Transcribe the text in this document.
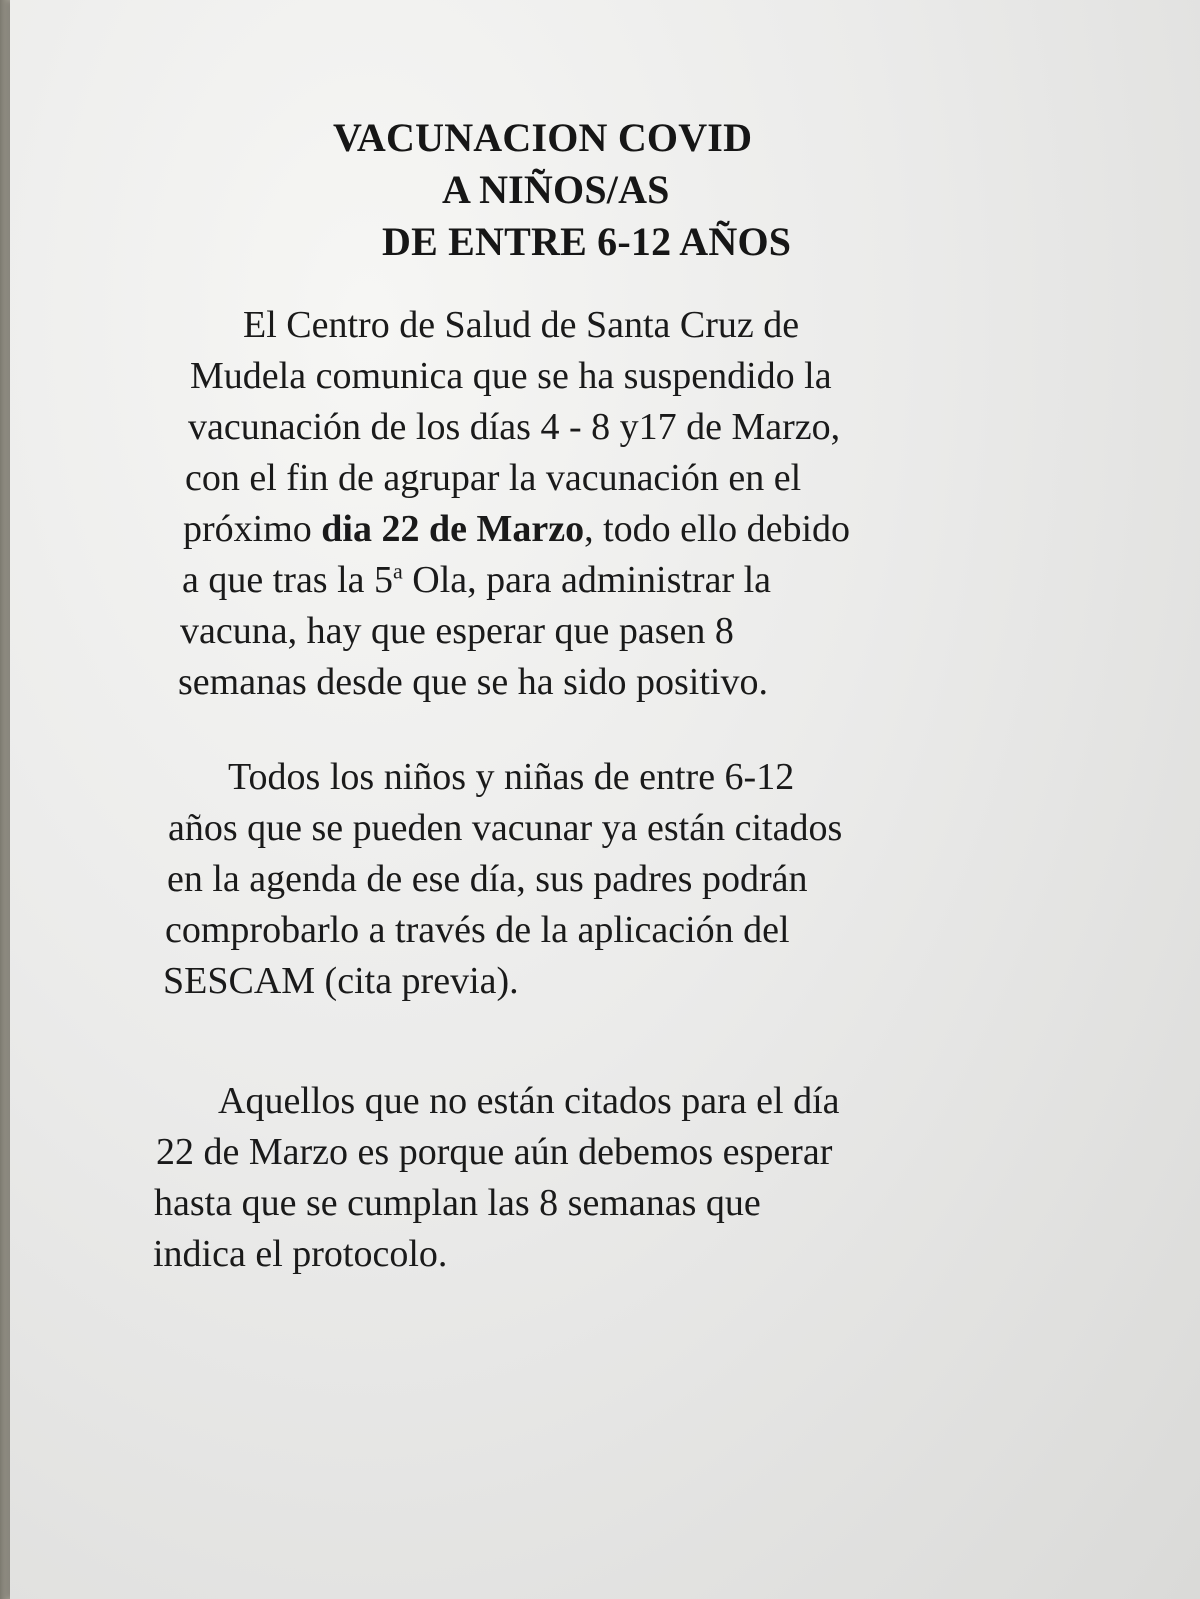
VACUNACION COVID
A NIÑOS/AS
DE ENTRE 6-12 AÑOS

El Centro de Salud de Santa Cruz de
Mudela comunica que se ha suspendido la
vacunación de los días 4 - 8 y17 de Marzo,
con el fin de agrupar la vacunación en el
próximo dia 22 de Marzo, todo ello debido
a que tras la 5$^a$ Ola, para administrar la
vacuna, hay que esperar que pasen 8
semanas desde que se ha sido positivo.

Todos los niños y niñas de entre 6-12
años que se pueden vacunar ya están citados
en la agenda de ese día, sus padres podrán
comprobarlo a través de la aplicación del
SESCAM (cita previa).

Aquellos que no están citados para el día
22 de Marzo es porque aún debemos esperar
hasta que se cumplan las 8 semanas que
indica el protocolo.
